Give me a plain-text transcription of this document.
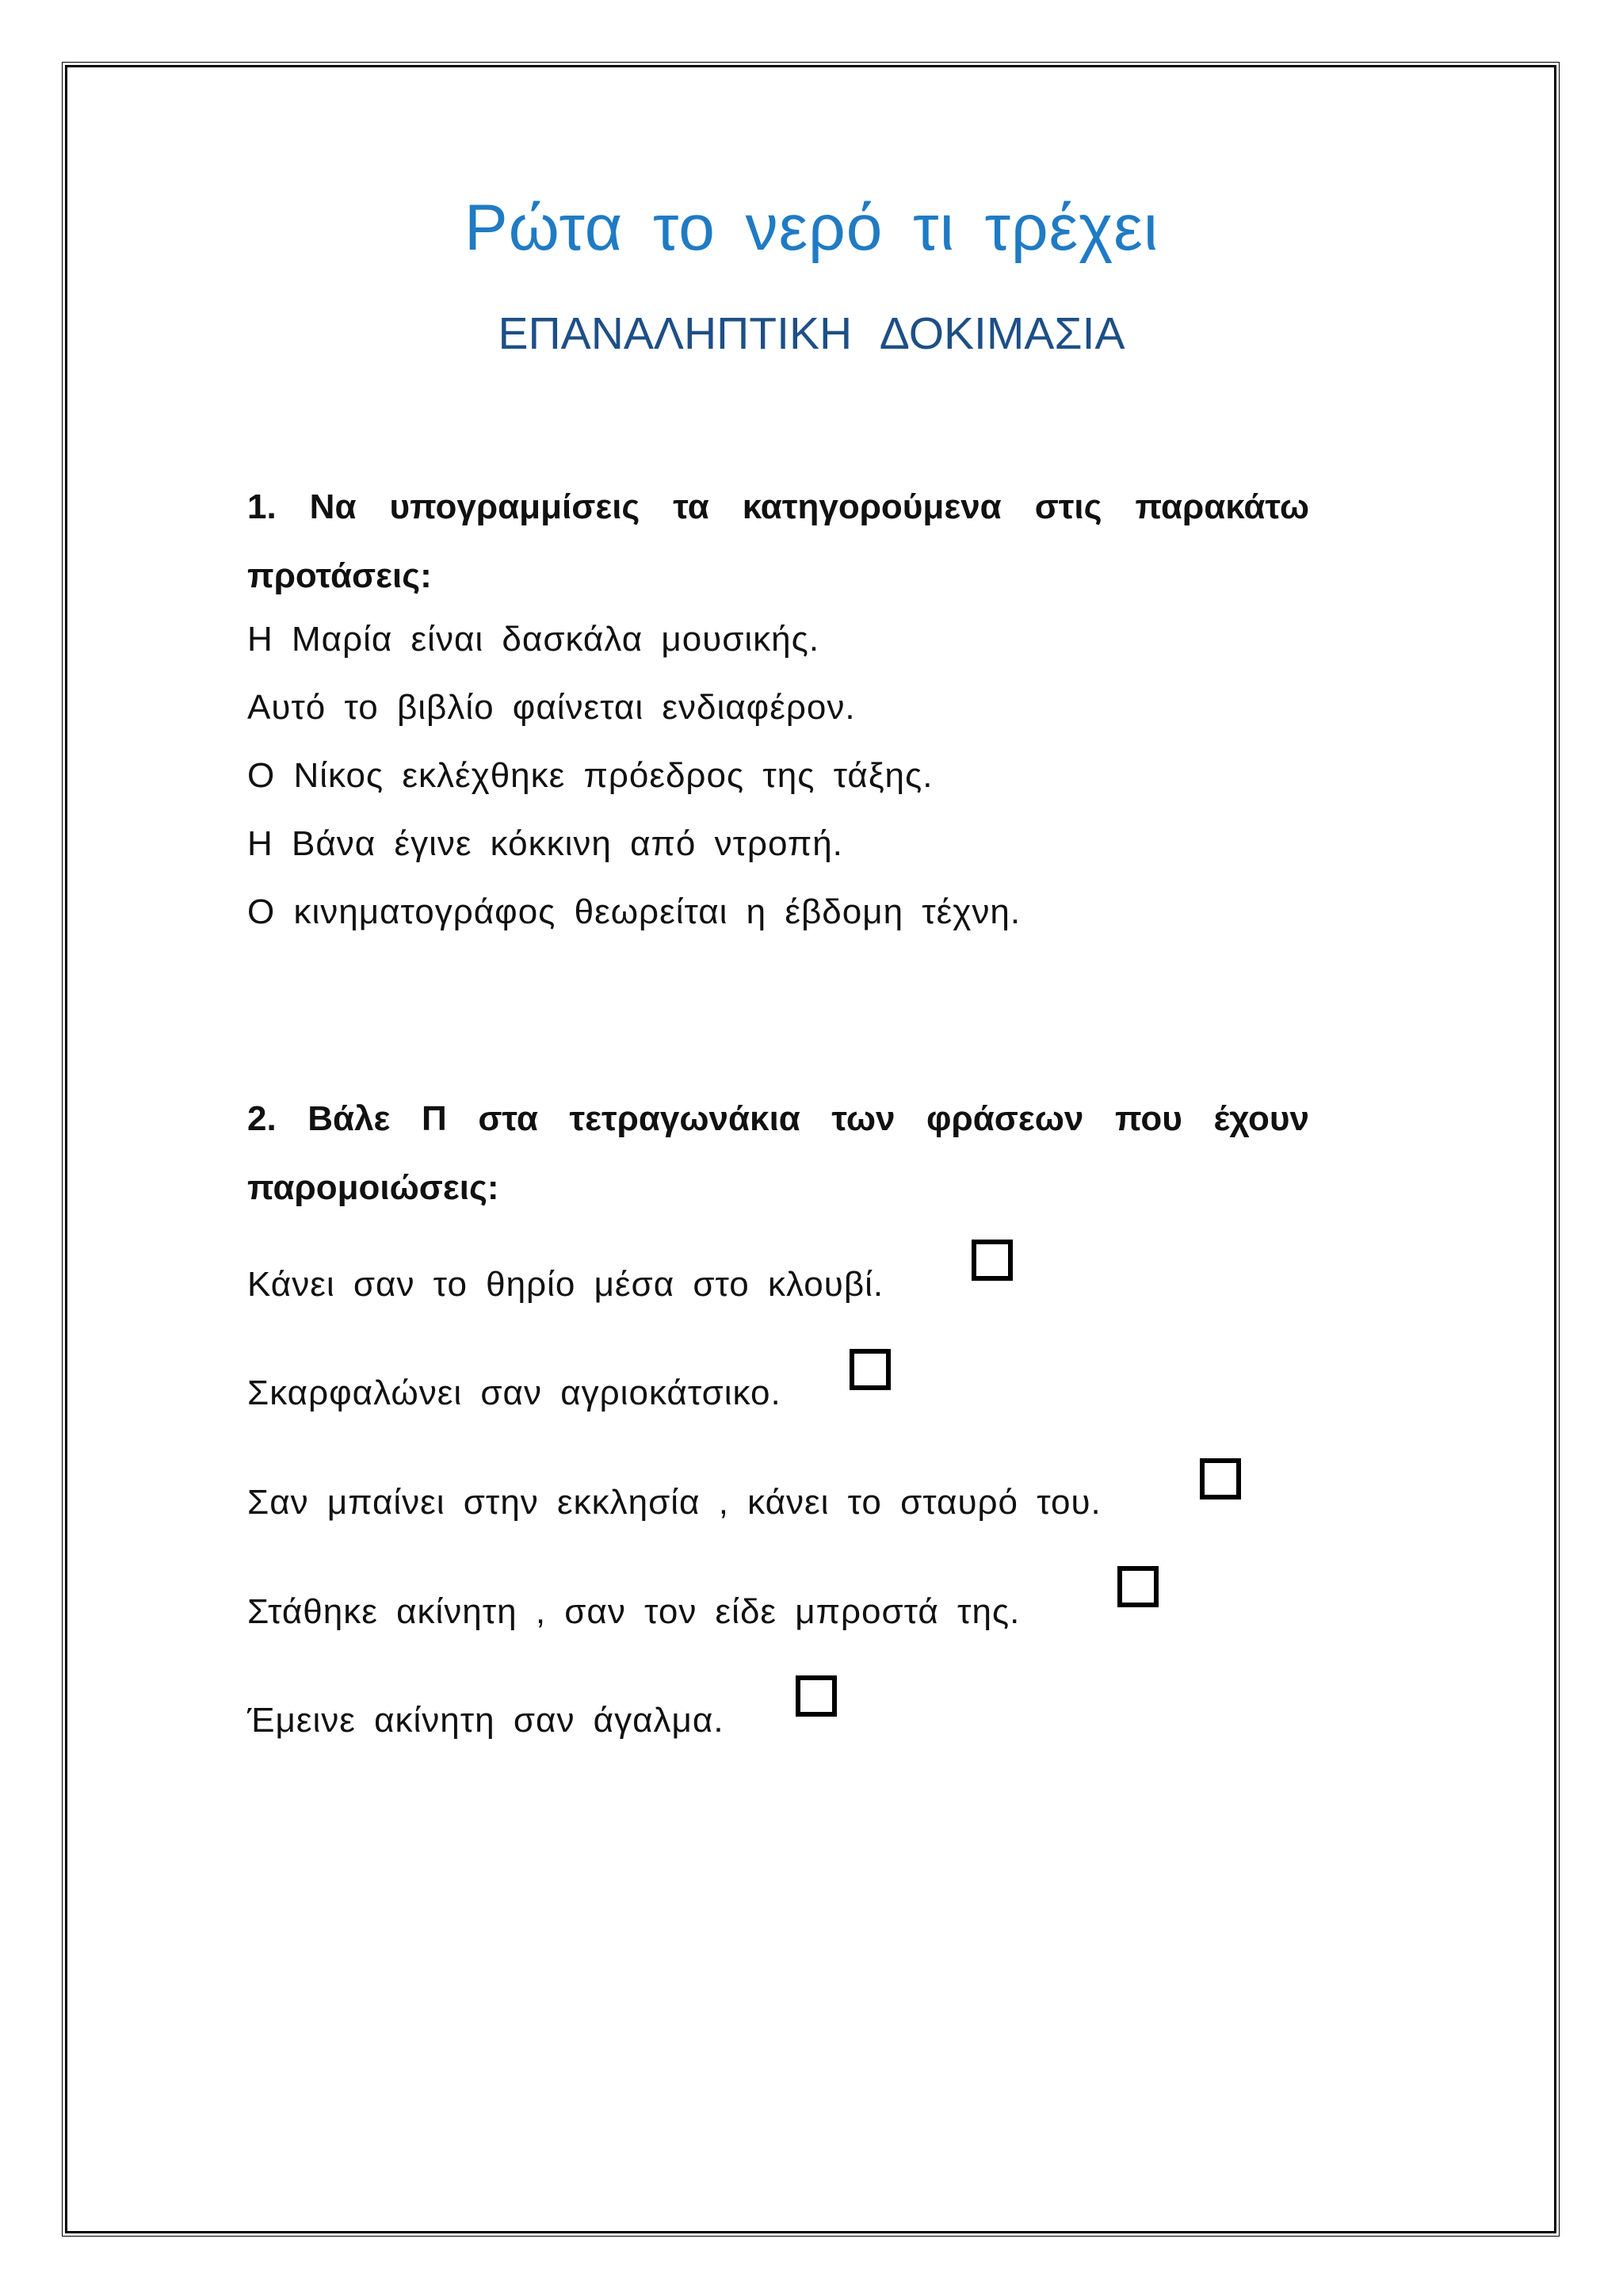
Ρώτα το νερό τι τρέχει
ΕΠΑΝΑΛΗΠΤΙΚΗ ΔΟΚΙΜΑΣΙΑ
1. Να υπογραμμίσεις τα κατηγορούμενα στις παρακάτω προτάσεις:
Η Μαρία είναι δασκάλα μουσικής.
Αυτό το βιβλίο φαίνεται ενδιαφέρον.
Ο Νίκος εκλέχθηκε πρόεδρος της τάξης.
Η Βάνα έγινε κόκκινη από ντροπή.
Ο κινηματογράφος θεωρείται η έβδομη τέχνη.
2. Βάλε Π στα τετραγωνάκια των φράσεων που έχουν παρομοιώσεις:
Κάνει σαν το θηρίο μέσα στο κλουβί.
Σκαρφαλώνει σαν αγριοκάτσικο.
Σαν μπαίνει στην εκκλησία , κάνει το σταυρό του.
Στάθηκε ακίνητη , σαν τον είδε μπροστά της.
Έμεινε ακίνητη σαν άγαλμα.
